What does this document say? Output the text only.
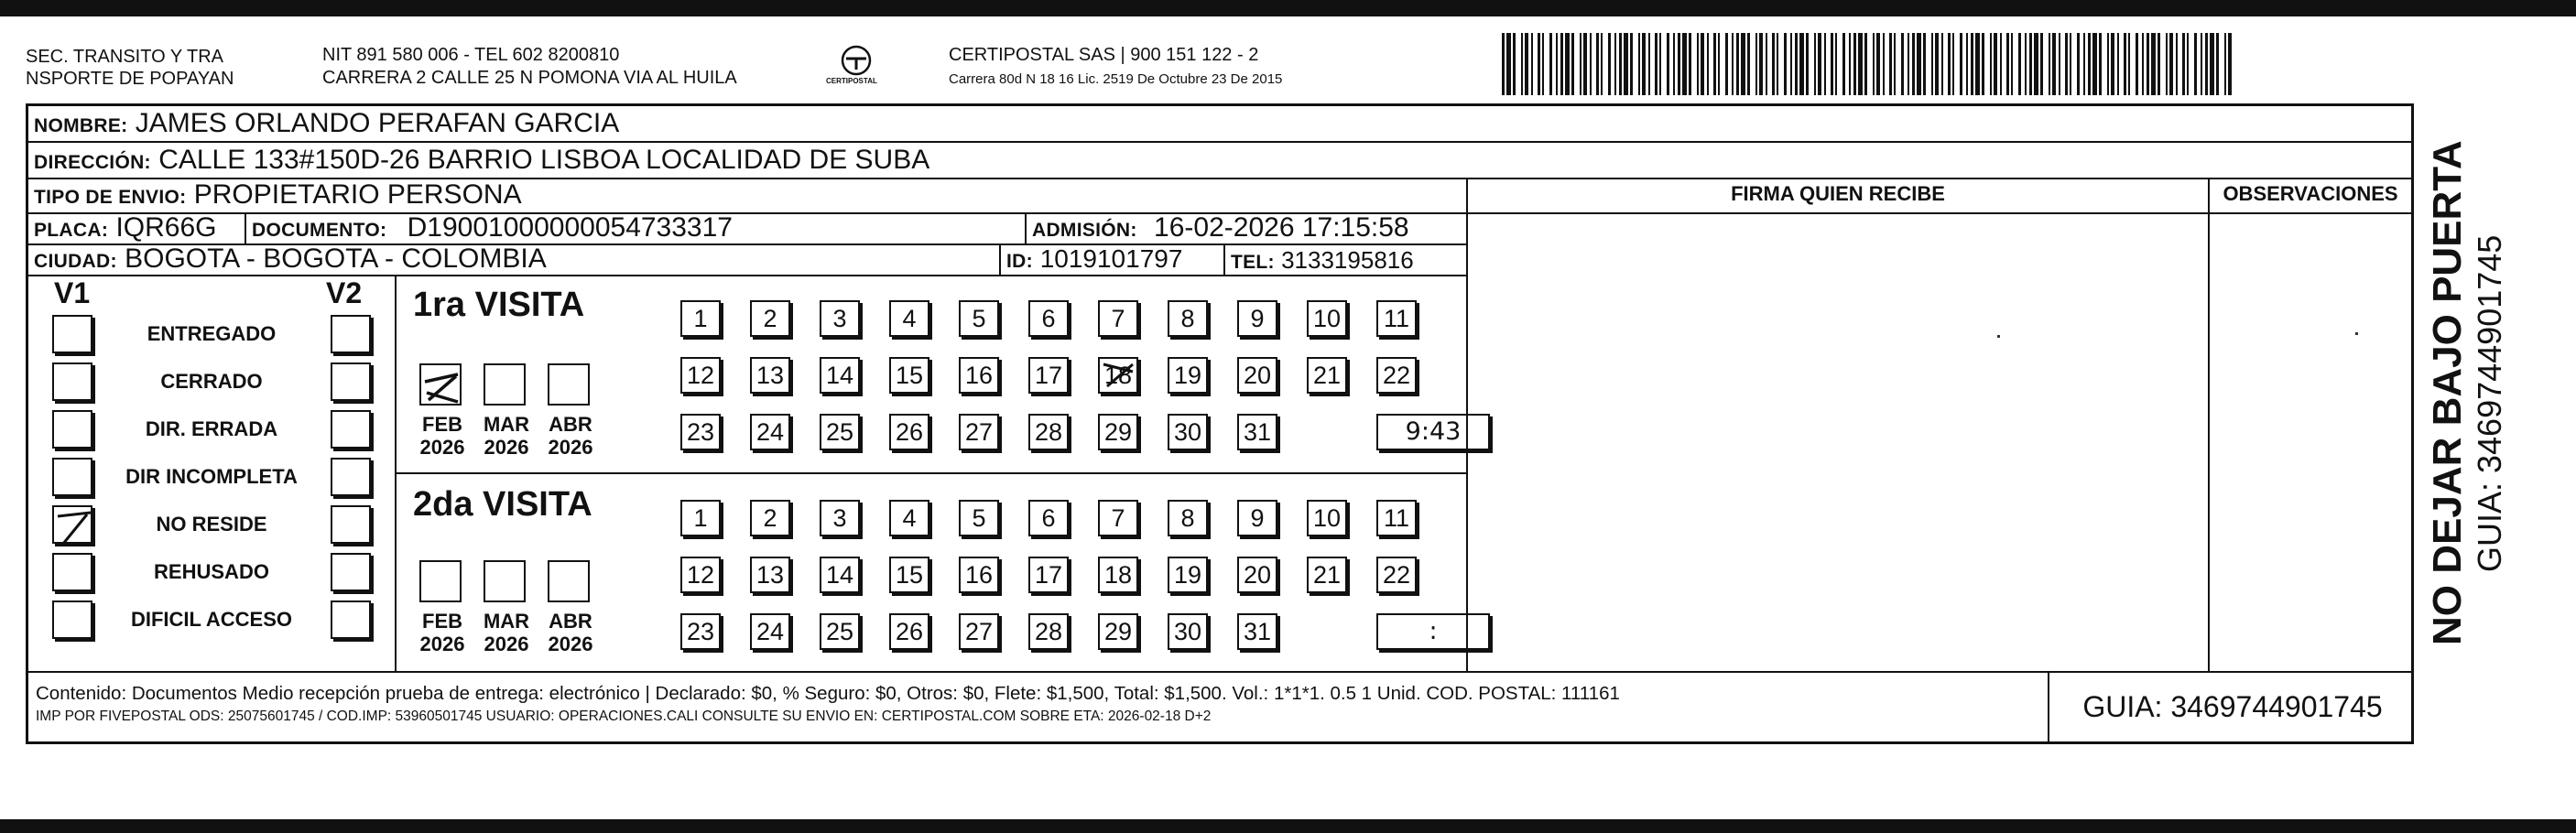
SEC. TRANSITO Y TRA
NSPORTE DE POPAYAN
NIT 891 580 006 - TEL 602 8200810
CARRERA 2 CALLE 25 N POMONA VIA AL HUILA	CERTIPOSTAL
CERTIPOSTAL SAS | 900 151 122 - 2
Carrera 80d N 18 16 Lic. 2519 De Octubre 23 De 2015
NOMBRE: JAMES ORLANDO PERAFAN GARCIA
DIRECCIÓN: CALLE 133#150D-26 BARRIO LISBOA LOCALIDAD DE SUBA
TIPO DE ENVIO: PROPIETARIO PERSONA	FIRMA QUIEN RECIBE	OBSERVACIONES
PLACA: IQR66G DOCUMENTO: D19001000000054733317	ADMISIÓN: 16-02-2026 17:15:58
CIUDAD: BOGOTA - BOGOTA - COLOMBIA	ID: 1019101797	TEL: 3133195816
V1	V2
ENTREGADO
CERRADO
DIR. ERRADA
DIR INCOMPLETA
NO RESIDE
REHUSADO
DIFICIL ACCESO
1ra VISITA
2da VISITA
FEB
2026
MAR
2026
ABR
2026
FEB
2026
MAR
2026
ABR
2026
1	2	3	4	5	6	7	8	9	10 11
12 13 14 15 16 17 18 19 20 21 22
23 24 25 26 27 28 29 30 31	9:43
1	2	3	4	5	6	7	8	9	10 11
12 13 14 15 16 17 18 19 20 21 22
23 24 25 26 27 28 29 30 31	:
Contenido: Documentos Medio recepción prueba de entrega: electrónico | Declarado: $0, % Seguro: $0, Otros: $0, Flete: $1,500, Total: $1,500. Vol.: 1*1*1. 0.5 1 Unid. COD. POSTAL: 111161
IMP POR FIVEPOSTAL ODS: 25075601745 / COD.IMP: 53960501745 USUARIO: OPERACIONES.CALI CONSULTE SU ENVIO EN: CERTIPOSTAL.COM SOBRE ETA: 2026-02-18 D+2	GUIA: 3469744901745
NO DEJAR BAJO PUERTA GUIA: 3469744901745
